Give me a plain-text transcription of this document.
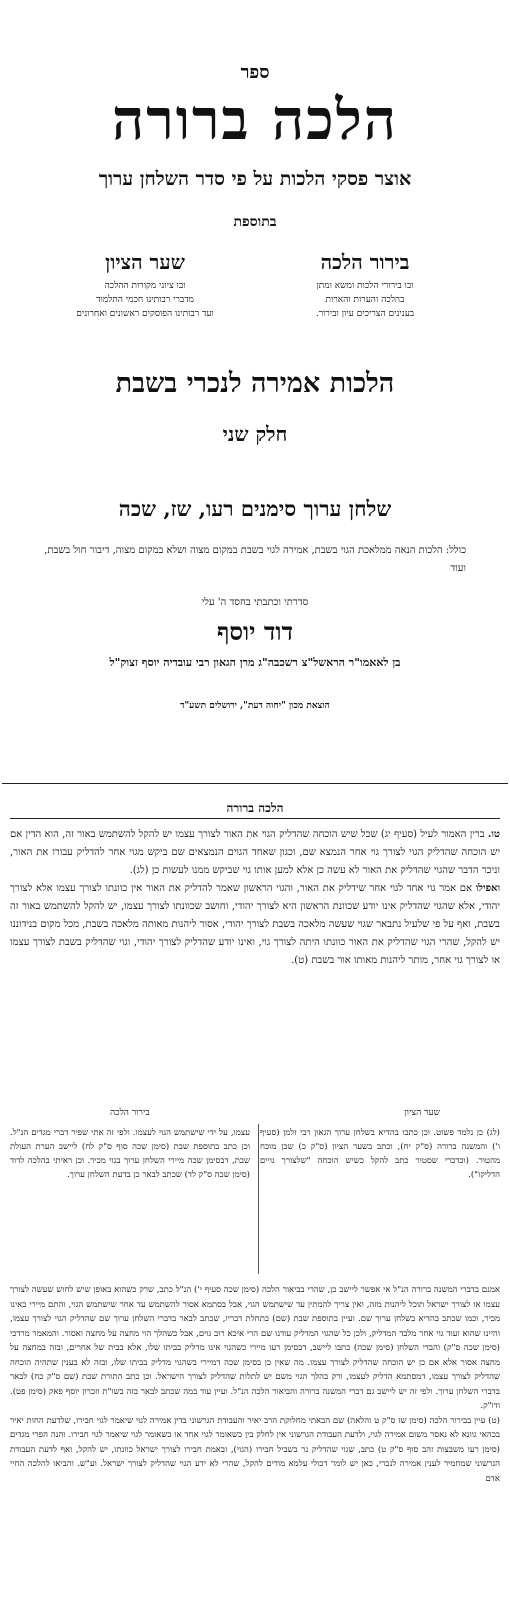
ספר
הלכה ברורה
אוצר פסקי הלכות על פי סדר השלחן ערוך
בתוספת
בירור הלכה
ובו בירורי הלכות ומשא ומתן
בהלכה והערות והארות
בענינים הצריכים עיון ובירור.
שער הציון
ובו ציוני מקורות ההלכה
מדברי רבותינו חכמי התלמוד
ועד רבותינו הפוסקים ראשונים ואחרונים
הלכות אמירה לנכרי בשבת
חלק שני
שלחן ערוך סימנים רעו, שז, שכה
כולל: הלכות הנאה ממלאכת הגוי בשבת, אמירה לגוי בשבת במקום מצוה ושלא במקום מצוה, דיבור חול בשבת, ועוד
סדרתי וכתבתי בחסד ה' עלי
דוד יוסף
בן לאאמו"ר הראשל"צ רשכבה"ג מרן הגאון רבי עובדיה יוסף זצוק"ל
הוצאת מכון "יחוה דעת", ירושלים תשע"ד
הלכה ברורה

טו. ברין האמור לעיל (סעיף יג) שכל שיש הוכחה שהדליק הגוי את האור לצורך עצמו יש להקל להשתמש באור זה, הוא הדין אם יש הוכחה שהדליק הגוי לצורך גוי אחר הנמצא שם, וכגון שאחד הגוים הנמצאים שם ביקש מגוי אחר להדליק עבורו את האור, וניכר הדבר שהגוי שהדליק את האור לא עשה כן אלא למען אותו גוי שביקש ממנו לעשות כן (לג).

ואפילו אם אמר גוי אחד לגוי אחר שידליק את האור, והגוי הראשון שאמר להדליק את האור אין כוונתו לצורך עצמו אלא לצורך יהודי, אלא שהגוי שהדליק אינו יודע שכוונת הראשון היא לצורך יהודי, וחושב שכוונתו לצורך עצמו, יש להקל להשתמש באור זה בשבת, ואף על פי שלעיל נתבאר שגוי שעשה מלאכה בשבת לצורך יהודי, אסור ליהנות מאותה מלאכה בשבת, מכל מקום בנידוננו יש להקל, שהרי הגוי שהדליק את האור כוונתו היתה לצורך גוי, ואינו יודע שהדליק לצורך יהודי, וגוי שהדליק בשבת לצורך עצמו או לצורך גוי אחר, מותר ליהנות מאותו אור בשבת (ט).

שער הציון
בירור הלכה
(לג) כן נלמד פשוט. וכן כתבו בהדיא בשלחן ערוך הגאון רבי זלמן (סעיף ו') והמשנה ברורה (ס"ק יח), וכתב בשער הציון (ס"ק כ) שכן מוכח מהטור. (וכדברי שסטור כתב להקל כשיש הוכחה "שלצורך גויים הדליקו").
עצמו, על ידי שישתמש הגוי לעצמו. ולפי זה אתי שפיר דברי מגדים הנ"ל. וכן כתב בתוספת שבת (סימן שכה סוף ס"ק לח) ליישב הערת העולת שבת, דבסימן שכה מיירי השלחן ערוך בגוי מכיר. וכן ראיתי בהלכה לדוד (סימן שכה ס"ק לד) שכתב לבאר כן בדעת השלחן ערוך.

אמנם בדברי המשנה ברורה הנ"ל אי אפשר ליישב כן, שהרי בביאור הלכה (סימן שכה סעיף י') הנ"ל כתב, שרק כשהוא באופן שיש לחוש שעשה לצורך עצמו או לצורך ישראל תוכל ליהנות מזה, ואין צריך להמתין עד שישתמש הגוי, אבל בסתמא אסור להשתמש עד אחר שישתמש הגוי, והתם מיירי באינו מכיר, וכמו שכתב בהדיא בשלחן ערוך שם. ועיין בתוספת שבת (שם) בתחלת דבריו, שכתב לבאר בדברי השלחן ערוך שם שהדליק הגוי לצורך עצמו, והיינו שהוא ועוד גוי אחר מלבד המדליק, ולכן כל שהגוי המדליק עודנו שם הרי איכא רוב גוים, אבל כשהלך הוי מחצה על מחצה ואסור. והמאמר מרדכי (סימן שכה ס"ק) והבדי השלחן (סימן שכה) כתבו ליישב, דבסימן רעו מיירי כשהגוי אינו מדליק בביתו שלו, אלא בבית של אחרים, ובזה במחצה על מחצה אסור אלא אם כן יש הוכחה שהדליק לצורך עצמו. מה שאין כן בסימן שכה דמיירי בשהגוי מדליק בביתו שלו, ובזה לא בענין שתהיה הוכחה שהדליק לצורך עצמו, דמסתמא הדליק לעצמו, ורק בהלך הגוי משם יש לתלות שהדליק לצורך הישראל. וכן כתב התורת שבת (שם ס"ק כח) לבאר בדברי השלחן ערוך. ולפי זה יש ליישב גם דברי המשנה ברורה והביאור הלכה הנ"ל. ועיין עוד במה שכתב לבאר בזה בשו"ת וזכרון יוסף פאק (סימן פט). ודו"ק.

(ט) עיין בבירור הלכה (סימן שז ס"ק ט והלאה) שם הבאתי מחלוקת הרב יאיר והעבודת הגרשוני בדין אמירה לגוי שיאמר לגוי חבירו, שלדעת החות יאיר בכהאי גוונא לא נאסר משום אמירה לגוי, ולדעת העבודת הגרשוני אין לחלק בין כשאומר לגוי אחד או כשאומר לגוי שיאמר לגוי חבירו. והנה הפרי מגדים (סימן רעו משבצות זהב סוף ס"ק ט) כתב, שגוי שהדליק נר בשביל חבירו (הגוי), ובאמת חבירו לצורך ישראל כוונתו, יש להקל, ואף לדעת העבודת הגרשוני שמחמיר לענין אמירה לנכרי, כאן יש לומר דכולי עלמא מודים להקל, שהרי לא ידע הגוי שהדליק לצורך ישראל. וע"ש. והביאו להלכה החיי אדם
